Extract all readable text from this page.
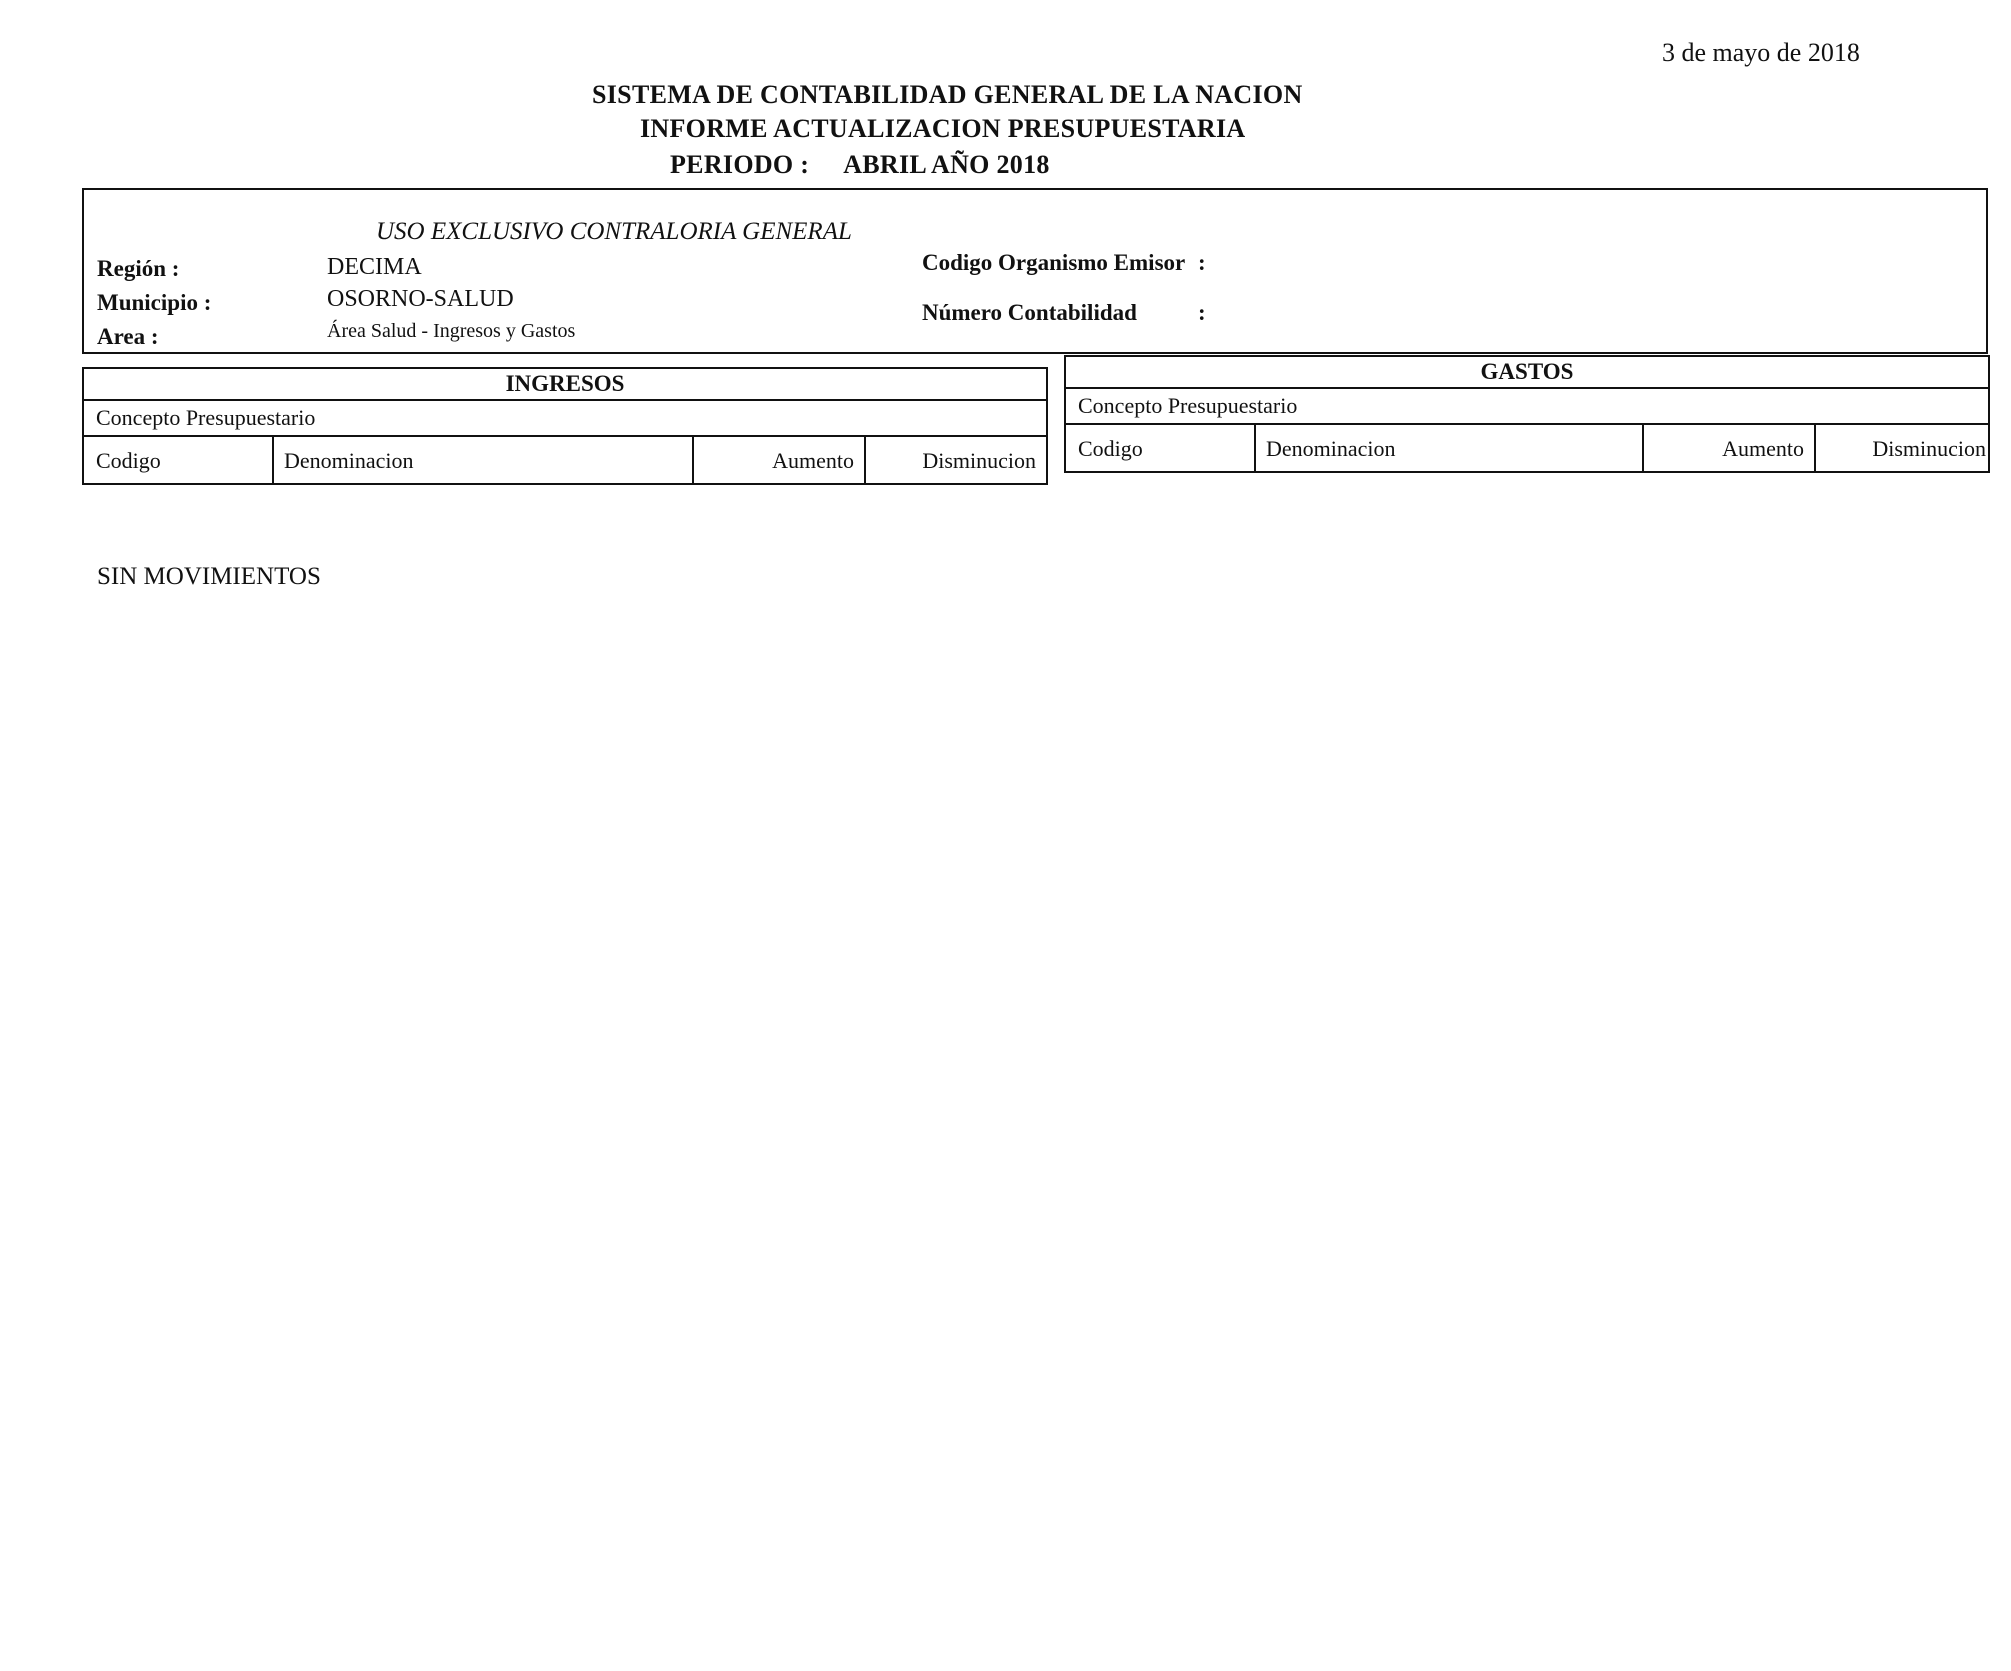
3 de mayo de 2018
SISTEMA DE CONTABILIDAD GENERAL DE LA NACION
INFORME ACTUALIZACION PRESUPUESTARIA
PERIODO : ABRIL AÑO 2018
USO EXCLUSIVO CONTRALORIA GENERAL
Región :	DECIMA
Municipio :	OSORNO-SALUD
Area :	Área Salud - Ingresos y Gastos
Codigo Organismo Emisor :
Número Contabilidad	:
INGRESOS
Concepto Presupuestario
Codigo	Denominacion	Aumento	Disminucion
GASTOS
Concepto Presupuestario
Codigo	Denominacion	Aumento	Disminucion
SIN MOVIMIENTOS
